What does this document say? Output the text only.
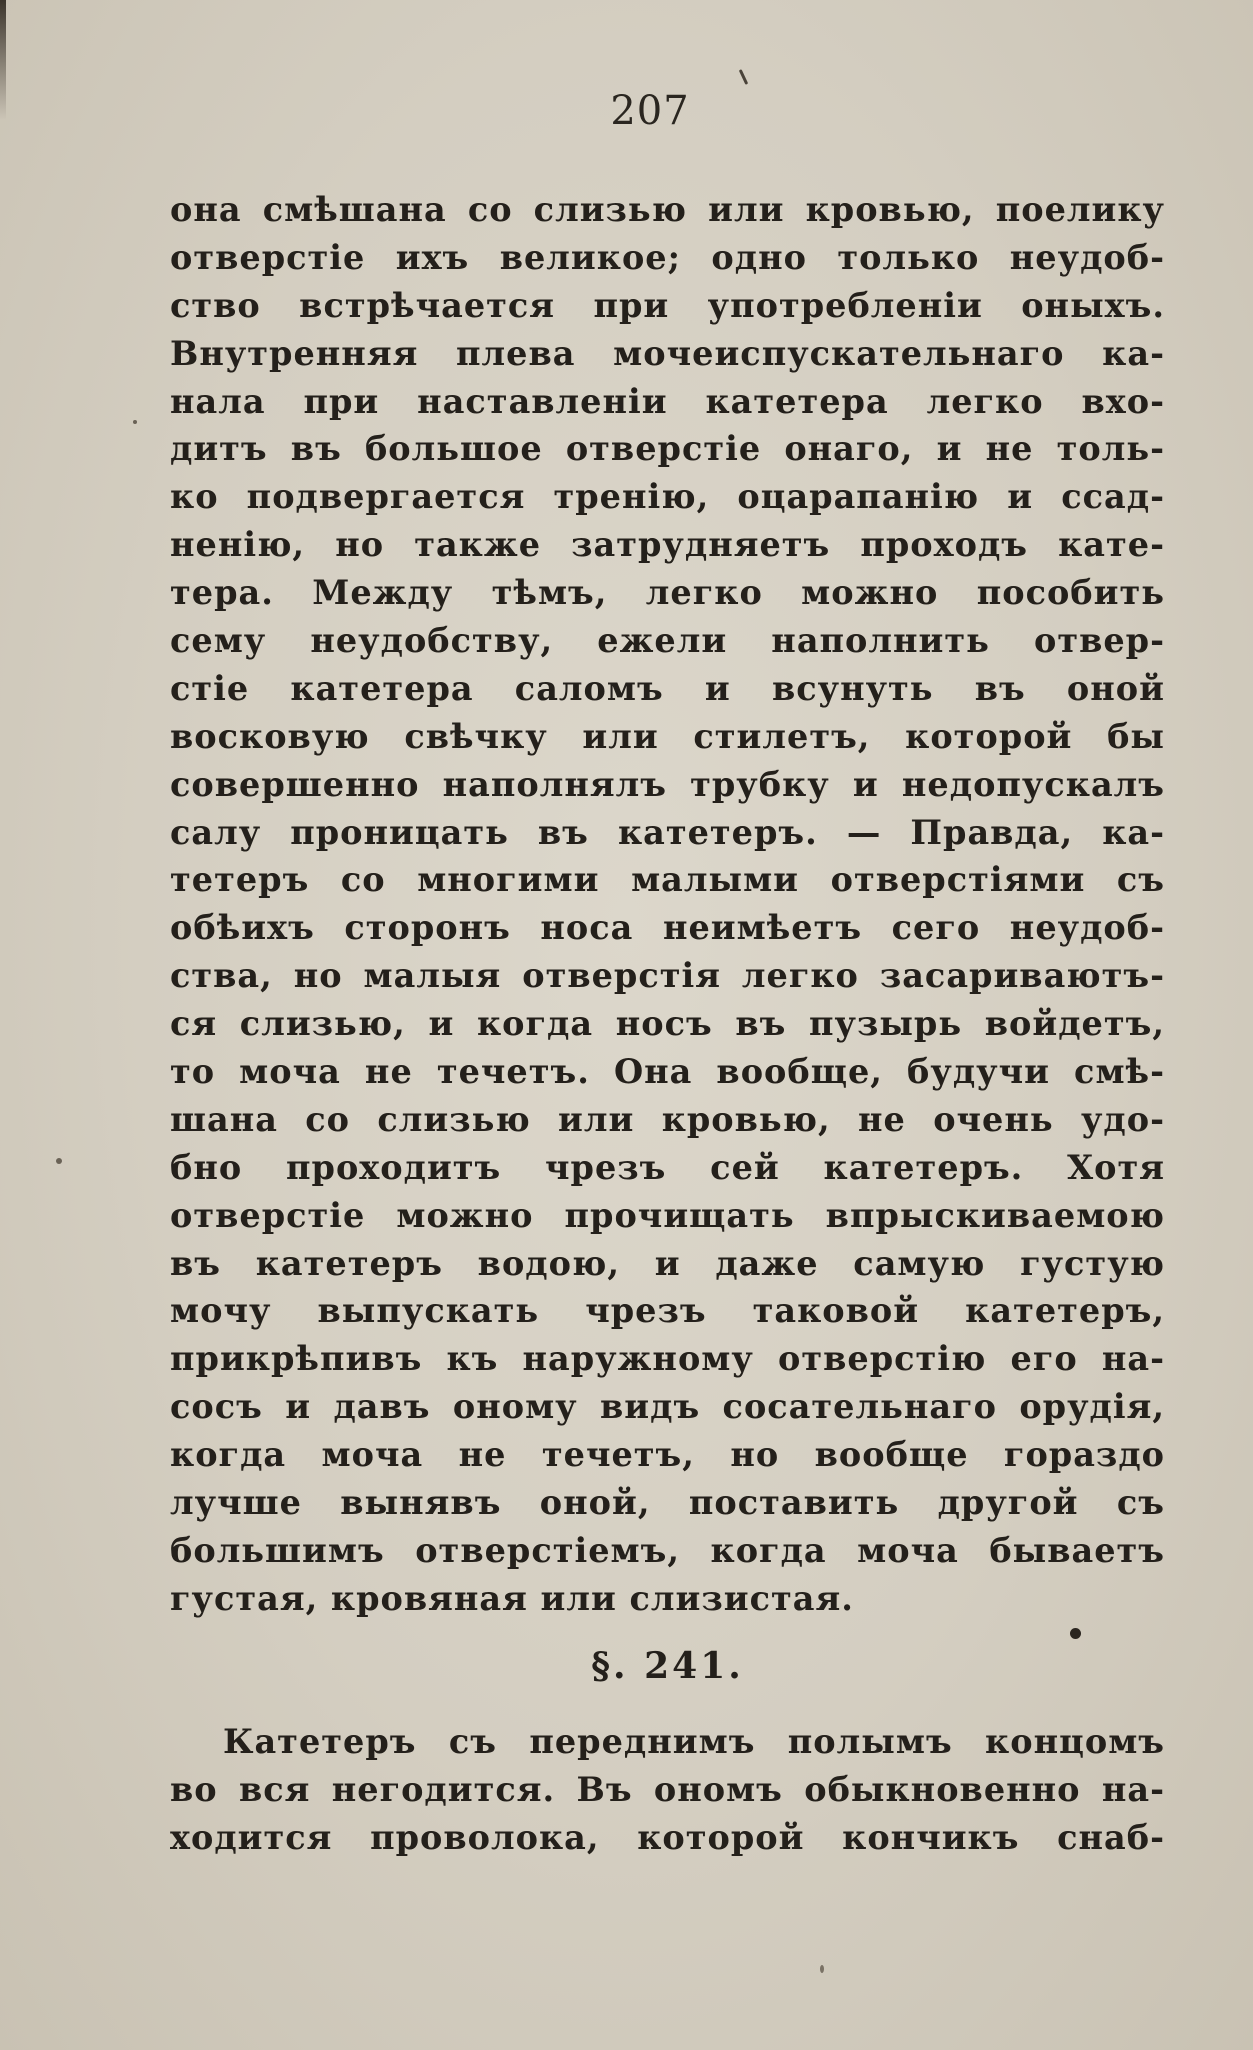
207
она смѣшана со слизью или кровью, поелику
отверстіе ихъ великое; одно только неудоб-
ство встрѣчается при употребленіи оныхъ.
Внутренняя плева мочеиспускательнаго ка-
нала при наставленіи катетера легко вхо-
дитъ въ большое отверстіе онаго, и не толь-
ко подвергается тренію, оцарапанію и ссад-
ненію, но также затрудняетъ проходъ кате-
тера. Между тѣмъ, легко можно пособить
сему неудобству, ежели наполнить отвер-
стіе катетера саломъ и всунуть въ оной
восковую свѣчку или стилетъ, которой бы
совершенно наполнялъ трубку и недопускалъ
салу проницать въ катетеръ. — Правда, ка-
тетеръ со многими малыми отверстіями съ
обѣихъ сторонъ носа неимѣетъ сего неудоб-
ства, но малыя отверстія легко засариваютъ-
ся слизью, и когда носъ въ пузырь войдетъ,
то моча не течетъ. Она вообще, будучи смѣ-
шана со слизью или кровью, не очень удо-
бно проходитъ чрезъ сей катетеръ. Хотя
отверстіе можно прочищать впрыскиваемою
въ катетеръ водою, и даже самую густую
мочу выпускать чрезъ таковой катетеръ,
прикрѣпивъ къ наружному отверстію его на-
сосъ и давъ оному видъ сосательнаго орудія,
когда моча не течетъ, но вообще гораздо
лучше вынявъ оной, поставить другой съ
большимъ отверстіемъ, когда моча бываетъ
густая, кровяная или слизистая.
§. 241.
Катетеръ съ переднимъ полымъ концомъ
во вся негодится. Въ ономъ обыкновенно на-
ходится проволока, которой кончикъ снаб-
